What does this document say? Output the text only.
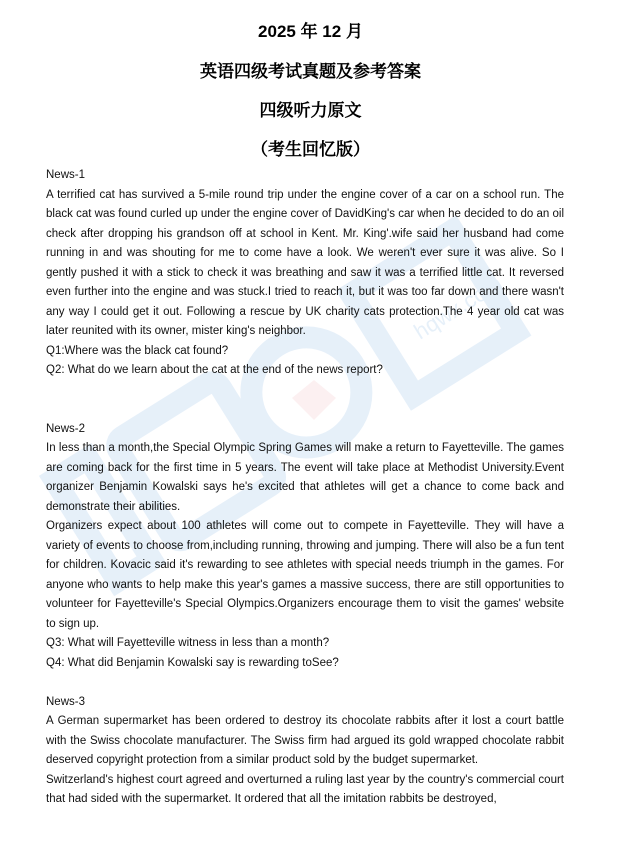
hqwx.com
2025 年 12 月
英语四级考试真题及参考答案
四级听力原文
（考生回忆版）

News-1

A terrified cat has survived a 5-mile round trip under the engine cover of a car on a school run. The black cat was found curled up under the engine cover of DavidKing's car when he decided to do an oil check after dropping his grandson off at school in Kent. Mr. King'.wife said her husband had come running in and was shouting for me to come have a look. We weren't ever sure it was alive. So I gently pushed it with a stick to check it was breathing and saw it was a terrified little cat. It reversed even further into the engine and was stuck.I tried to reach it, but it was too far down and there wasn't any way I could get it out. Following a rescue by UK charity cats protection.The 4 year old cat was later reunited with its owner, mister king's neighbor.

Q1:Where was the black cat found?

Q2: What do we learn about the cat at the end of the news report?

News-2

In less than a month,the Special Olympic Spring Games will make a return to Fayetteville. The games are coming back for the first time in 5 years. The event will take place at Methodist University.Event organizer Benjamin Kowalski says he's excited that athletes will get a chance to come back and demonstrate their abilities.

Organizers expect about 100 athletes will come out to compete in Fayetteville. They will have a variety of events to choose from,including running, throwing and jumping. There will also be a fun tent for children. Kovacic said it's rewarding to see athletes with special needs triumph in the games. For anyone who wants to help make this year's games a massive success, there are still opportunities to volunteer for Fayetteville's Special Olympics.Organizers encourage them to visit the games' website to sign up.

Q3: What will Fayetteville witness in less than a month?

Q4: What did Benjamin Kowalski say is rewarding toSee?

News-3

A German supermarket has been ordered to destroy its chocolate rabbits after it lost a court battle with the Swiss chocolate manufacturer. The Swiss firm had argued its gold wrapped chocolate rabbit deserved copyright protection from a similar product sold by the budget supermarket.

Switzerland's highest court agreed and overturned a ruling last year by the country's commercial court that had sided with the supermarket. It ordered that all the imitation rabbits be destroyed,
